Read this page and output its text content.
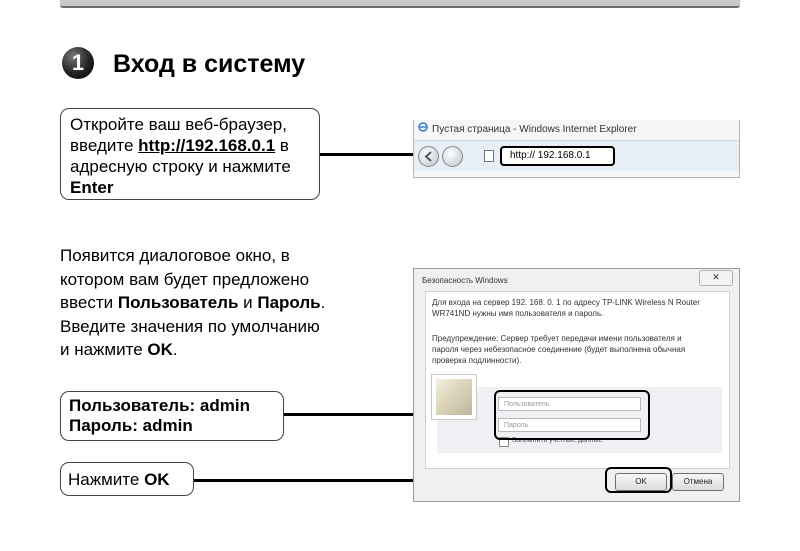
1	Вход в систему
Откройте ваш веб-браузер,
введите http://192.168.0.1 в
адресную строку и нажмите
Enter
Пустая страница - Windows Internet Explorer
http:// 192.168.0.1
Появится диалоговое окно, в
котором вам будет предложено
ввести Пользователь и Пароль.
Введите значения по умолчанию
и нажмите OK.
Пользователь: admin
Пароль: admin
Нажмите OK
Безопасность Windows	✕
Для входа на сервер 192. 168. 0. 1 по адресу TP-LINK Wireless N Router
WR741ND нужны имя пользователя и пароль.
Предупреждение: Сервер требует передачи имени пользователя и
пароля через небезопасное соединение (будет выполнена обычная
проверка подлинности).
Пользователь
Пароль
Запомнить учетные данные
OK	Отмена
